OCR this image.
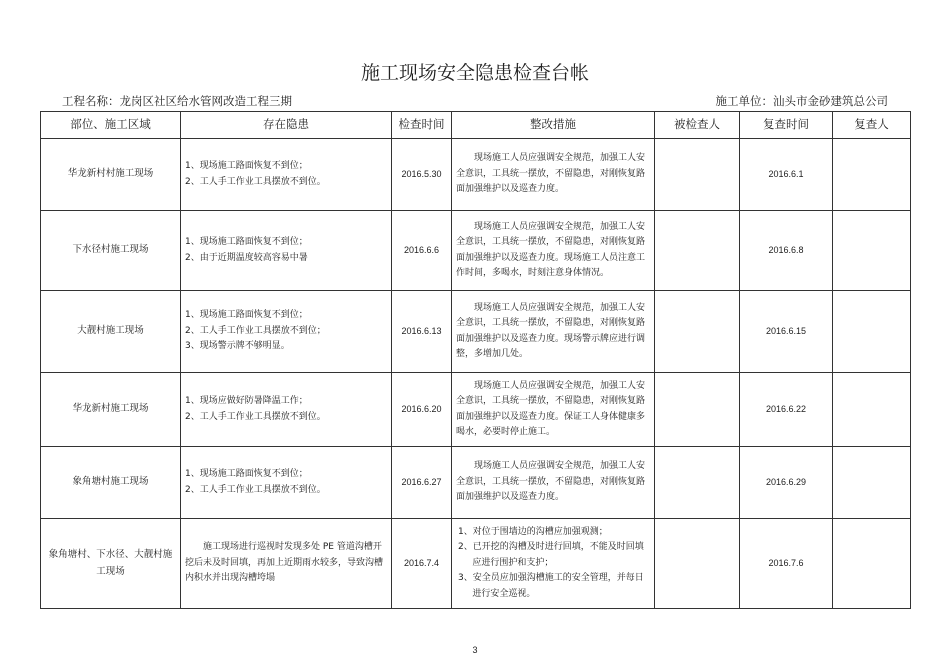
施工现场安全隐患检查台帐
工程名称：龙岗区社区给水管网改造工程三期	施工单位：汕头市金砂建筑总公司
部位、施工区域	存在隐患	检查时间	整改措施	被检查人	复查时间	复查人
华龙新村村施工现场	1、现场施工路面恢复不到位；

2、工人手工作业工具摆放不到位。	2016.5.30	现场施工人员应强调安全规范，加强工人安全意识，工具统一摆放，不留隐患，对刚恢复路面加强维护以及巡查力度。		2016.6.1	
下水径村施工现场	1、现场施工路面恢复不到位；

2、由于近期温度较高容易中暑	2016.6.6	现场施工人员应强调安全规范，加强工人安全意识，工具统一摆放，不留隐患，对刚恢复路面加强维护以及巡查力度。现场施工人员注意工作时间，多喝水，时刻注意身体情况。		2016.6.8	
大靓村施工现场	1、现场施工路面恢复不到位；

2、工人手工作业工具摆放不到位；

3、现场警示牌不够明显。	2016.6.13	现场施工人员应强调安全规范，加强工人安全意识，工具统一摆放，不留隐患，对刚恢复路面加强维护以及巡查力度。现场警示牌应进行调整，多增加几处。		2016.6.15	
华龙新村施工现场	1、现场应做好防暑降温工作；

2、工人手工作业工具摆放不到位。	2016.6.20	现场施工人员应强调安全规范，加强工人安全意识，工具统一摆放，不留隐患，对刚恢复路面加强维护以及巡查力度。保证工人身体健康多喝水，必要时停止施工。		2016.6.22	
象角塘村施工现场	1、现场施工路面恢复不到位；

2、工人手工作业工具摆放不到位。	2016.6.27	现场施工人员应强调安全规范，加强工人安全意识，工具统一摆放，不留隐患，对刚恢复路面加强维护以及巡查力度。		2016.6.29	
象角塘村、下水径、大靓村施工现场	施工现场进行巡视时发现多处 PE 管道沟槽开挖后未及时回填，再加上近期雨水较多，导致沟槽内积水并出现沟槽垮塌	2016.7.4	1、对位于围墙边的沟槽应加强观测；

2、已开挖的沟槽及时进行回填，不能及时回填应进行围护和支护；

3、安全员应加强沟槽施工的安全管理，并每日进行安全巡视。		2016.7.6	
3
